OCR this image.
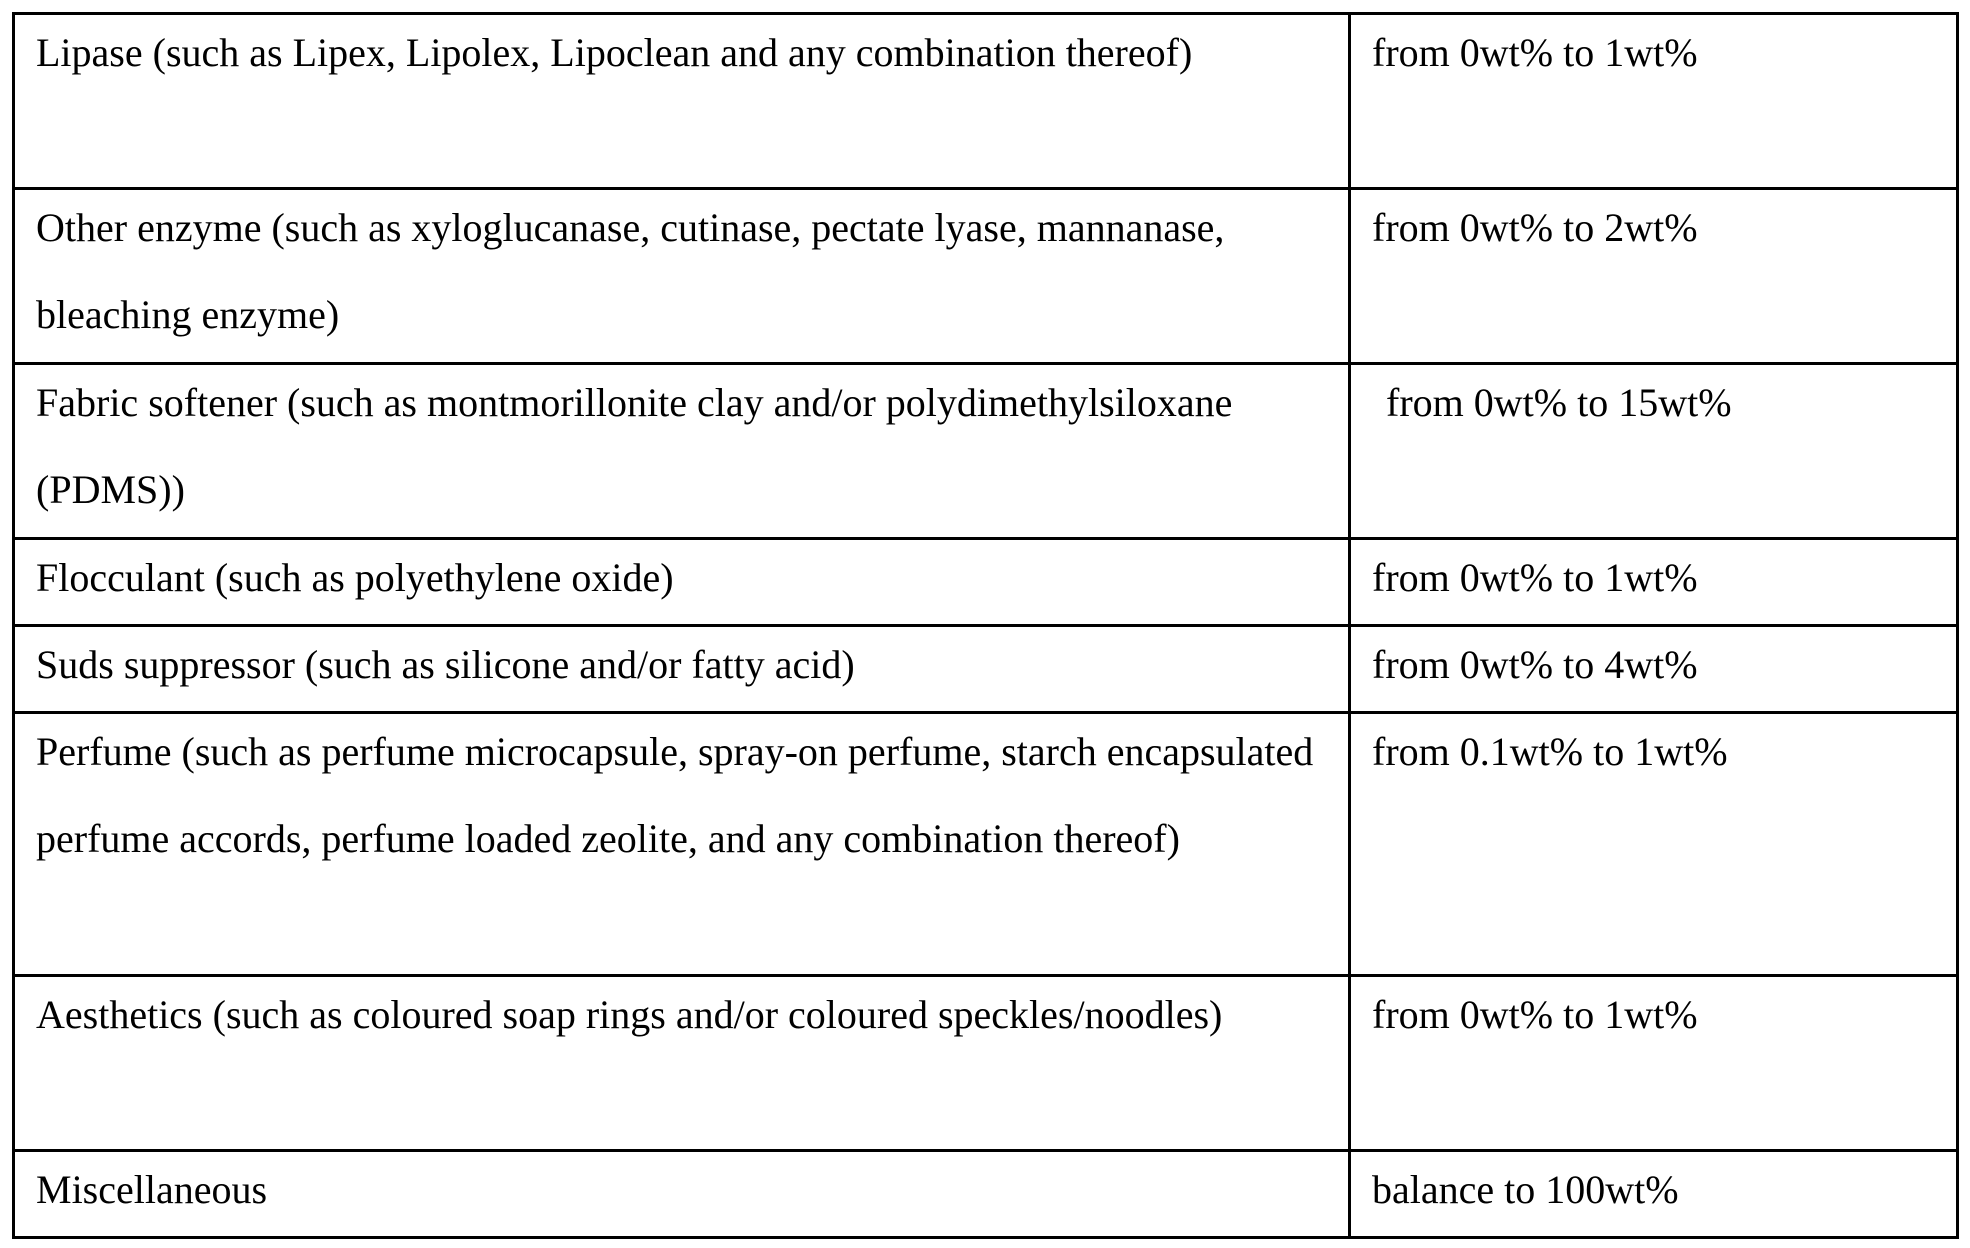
Lipase (such as Lipex, Lipolex, Lipoclean and any combination thereof)	from 0wt% to 1wt%

Other enzyme (such as xyloglucanase, cutinase, pectate lyase, mannanase, bleaching enzyme)	from 0wt% to 2wt%

Fabric softener (such as montmorillonite clay and/or polydimethylsiloxane (PDMS))	from 0wt% to 15wt%

Flocculant (such as polyethylene oxide)	from 0wt% to 1wt%

Suds suppressor (such as silicone and/or fatty acid)	from 0wt% to 4wt%

Perfume (such as perfume microcapsule, spray-on perfume, starch encapsulated perfume accords, perfume loaded zeolite, and any combination thereof)	from 0.1wt% to 1wt%

Aesthetics (such as coloured soap rings and/or coloured speckles/noodles)	from 0wt% to 1wt%

Miscellaneous	balance to 100wt%
